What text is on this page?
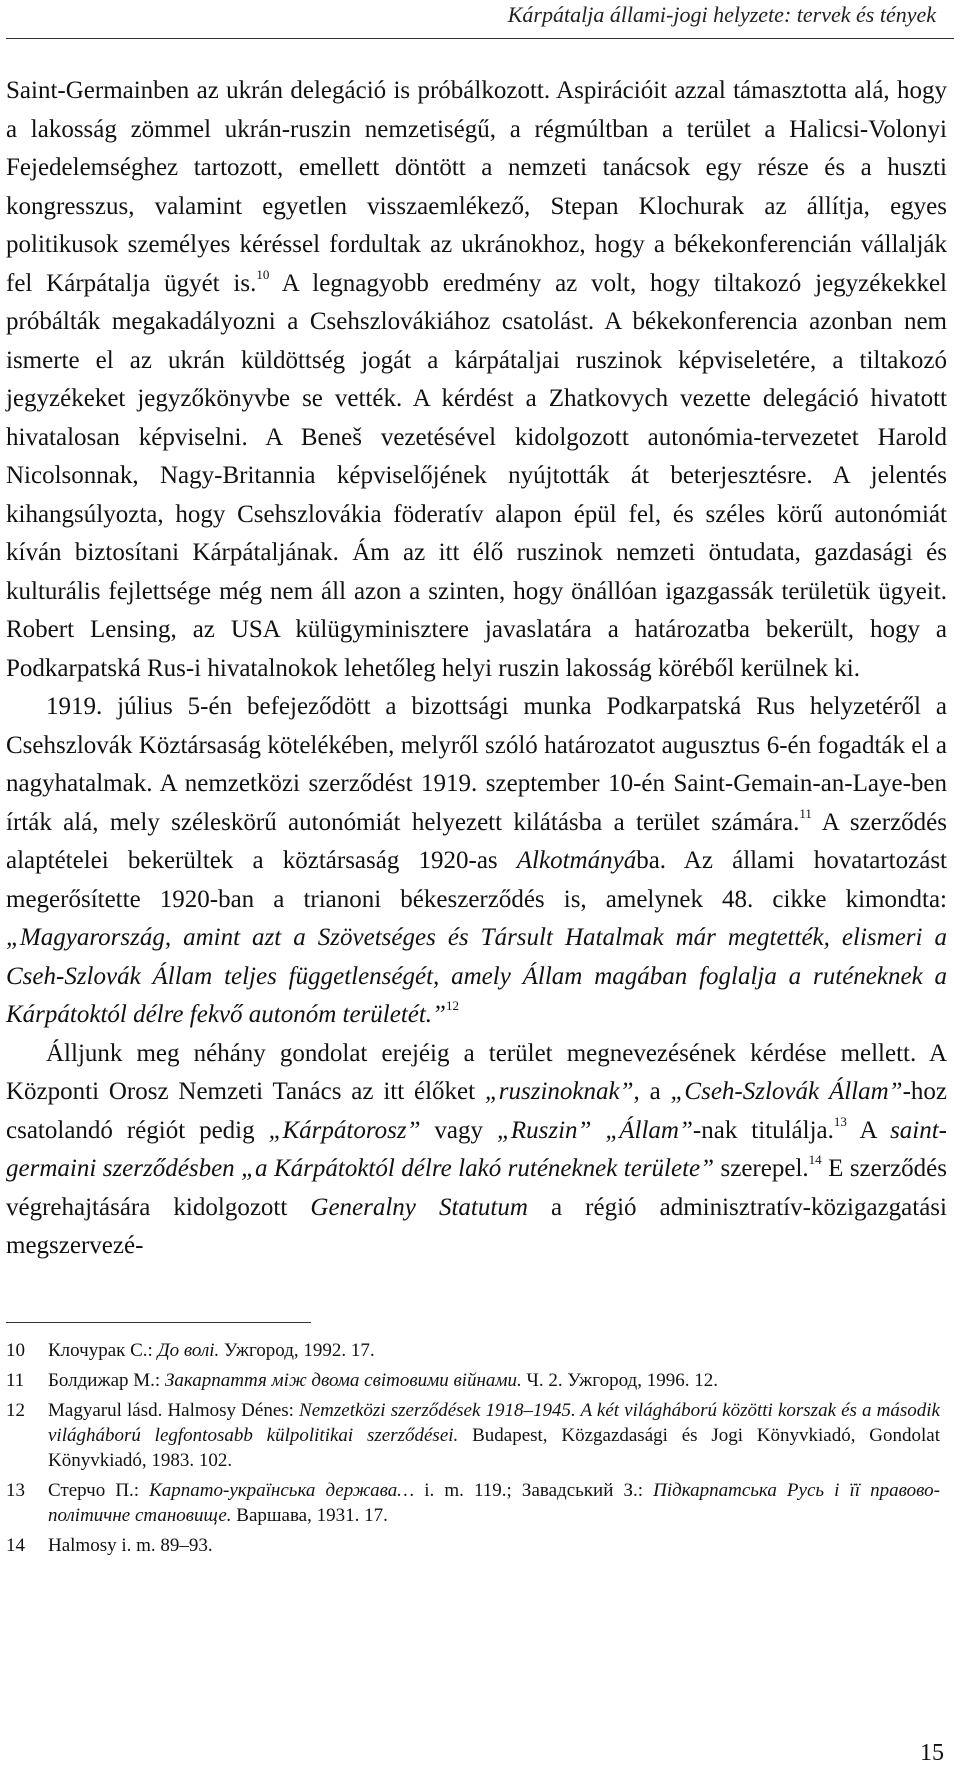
Kárpátalja állami-jogi helyzete: tervek és tények

Saint-Germainben az ukrán delegáció is próbálkozott. Aspirációit azzal támasztotta alá, hogy a lakosság zömmel ukrán-ruszin nemzetiségű, a régmúltban a terület a Halicsi-Volonyi Fejedelemséghez tartozott, emellett döntött a nemzeti tanácsok egy része és a huszti kongresszus, valamint egyetlen visszaemlékező, Stepan Klochurak az állítja, egyes politikusok személyes kéréssel fordultak az ukránokhoz, hogy a békekonferencián vállalják fel Kárpátalja ügyét is.$^{10}$ A legnagyobb eredmény az volt, hogy tiltakozó jegyzékekkel próbálták megakadályozni a Csehszlovákiához csatolást. A békekonferencia azonban nem ismerte el az ukrán küldöttség jogát a kárpátaljai ruszinok képviseletére, a tiltakozó jegyzékeket jegyzőkönyvbe se vették. A kérdést a Zhatkovych vezette delegáció hivatott hivatalosan képviselni. A Beneš vezetésével kidolgozott autonómia-tervezetet Harold Nicolsonnak, Nagy-Britannia képviselőjének nyújtották át beterjesztésre. A jelentés kihangsúlyozta, hogy Csehszlovákia föderatív alapon épül fel, és széles körű autonómiát kíván biztosítani Kárpátaljának. Ám az itt élő ruszinok nemzeti öntudata, gazdasági és kulturális fejlettsége még nem áll azon a szinten, hogy önállóan igazgassák területük ügyeit. Robert Lensing, az USA külügyminisztere javaslatára a határozatba bekerült, hogy a Podkarpatská Rus-i hivatalnokok lehetőleg helyi ruszin lakosság köréből kerülnek ki.

1919. július 5-én befejeződött a bizottsági munka Podkarpatská Rus helyzetéről a Csehszlovák Köztársaság kötelékében, melyről szóló határozatot augusztus 6-én fogadták el a nagyhatalmak. A nemzetközi szerződést 1919. szeptember 10-én Saint-Gemain-an-Laye-ben írták alá, mely széleskörű autonómiát helyezett kilátásba a terület számára.$^{11}$ A szerződés alaptételei bekerültek a köztársaság 1920-as Alkotmányába. Az állami hovatartozást megerősítette 1920-ban a trianoni békeszerződés is, amelynek 48. cikke kimondta: „Magyarország, amint azt a Szövetséges és Társult Hatalmak már megtették, elismeri a Cseh-Szlovák Állam teljes függetlenségét, amely Állam magában foglalja a ruténeknek a Kárpátoktól délre fekvő autonóm területét.”$^{12}$

Álljunk meg néhány gondolat erejéig a terület megnevezésének kérdése mellett. A Központi Orosz Nemzeti Tanács az itt élőket „ruszinoknak”, a „Cseh-Szlovák Állam”-hoz csatolandó régiót pedig „Kárpátorosz” vagy „Ruszin” „Állam”-nak titulálja.$^{13}$ A saint-germaini szerződésben „a Kárpátoktól délre lakó ruténeknek területe” szerepel.$^{14}$ E szerződés végrehajtására kidolgozott Generalny Statutum a régió adminisztratív-közigazgatási megszervezé-

10	Клочурак С.: До волі. Ужгород, 1992. 17.
11	Болдижар М.: Закарпаття між двома світовими війнами. Ч. 2. Ужгород, 1996. 12.
12	Magyarul lásd. Halmosy Dénes: Nemzetközi szerződések 1918–1945. A két világháború közötti korszak és a második világháború legfontosabb külpolitikai szerződései. Budapest, Közgazdasági és Jogi Könyvkiadó, Gondolat Könyvkiadó, 1983. 102.
13	Стерчо П.: Карпато-українська держава… i. m. 119.; Завадський З.: Підкарпатська Русь і її правово-політичне становище. Варшава, 1931. 17.
14	Halmosy i. m. 89–93.
15
